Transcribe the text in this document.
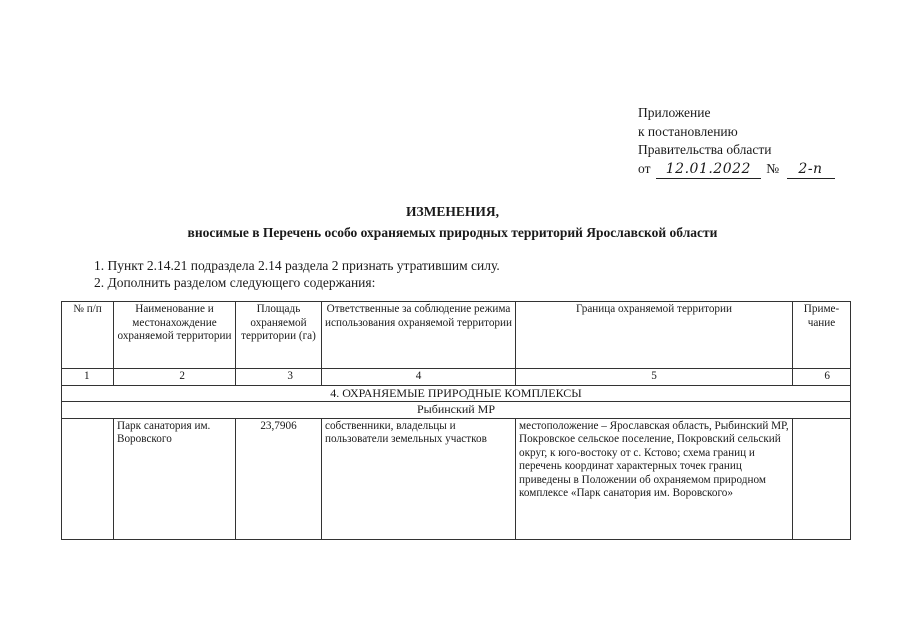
Приложение
к постановлению
Правительства области
от 12.01.2022 № 2-п
ИЗМЕНЕНИЯ,
вносимые в Перечень особо охраняемых природных территорий Ярославской области
1. Пункт 2.14.21 подраздела 2.14 раздела 2 признать утратившим силу.
2. Дополнить разделом следующего содержания:
№ п/п	Наименование и местонахождение охраняемой территории	Площадь охраняемой территории (га)	Ответственные за соблюдение режима использования охраняемой территории	Граница охраняемой территории	Приме-чание
1	2	3	4	5	6
4. ОХРАНЯЕМЫЕ ПРИРОДНЫЕ КОМПЛЕКСЫ					
Рыбинский МР					
	Парк санатория им. Воровского	23,7906	собственники, владельцы и пользователи земельных участков	местоположение – Ярославская область, Рыбинский МР, Покровское сельское поселение, Покровский сельский округ, к юго-востоку от с. Кстово; схема границ и перечень координат характерных точек границ приведены в Положении об охраняемом природном комплексе «Парк санатория им. Воровского»	
